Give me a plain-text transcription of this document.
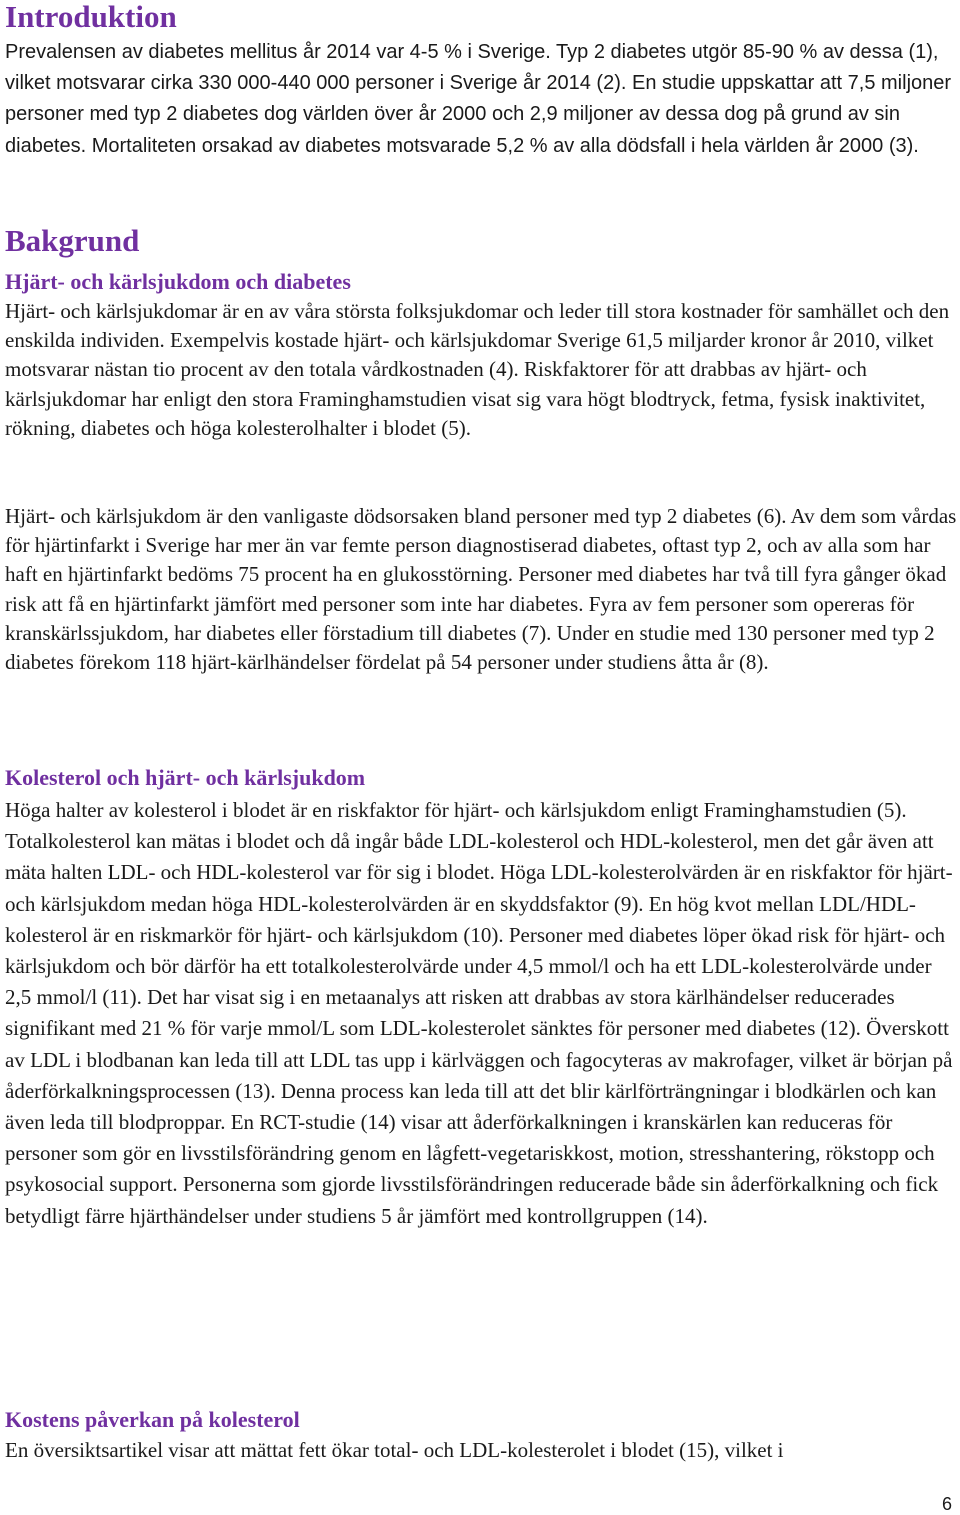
Introduktion

Prevalensen av diabetes mellitus år 2014 var 4-5 % i Sverige. Typ 2 diabetes utgör 85-90 % av dessa (1), vilket motsvarar cirka 330 000-440 000 personer i Sverige år 2014 (2). En studie uppskattar att 7,5 miljoner personer med typ 2 diabetes dog världen över år 2000 och 2,9 miljoner av dessa dog på grund av sin diabetes. Mortaliteten orsakad av diabetes motsvarade 5,2 % av alla dödsfall i hela världen år 2000 (3).

Bakgrund
Hjärt- och kärlsjukdom och diabetes

Hjärt- och kärlsjukdomar är en av våra största folksjukdomar och leder till stora kostnader för samhället och den enskilda individen. Exempelvis kostade hjärt- och kärlsjukdomar Sverige 61,5 miljarder kronor år 2010, vilket motsvarar nästan tio procent av den totala vårdkostnaden (4). Riskfaktorer för att drabbas av hjärt- och kärlsjukdomar har enligt den stora Framinghamstudien visat sig vara högt blodtryck, fetma, fysisk inaktivitet, rökning, diabetes och höga kolesterolhalter i blodet (5).

Hjärt- och kärlsjukdom är den vanligaste dödsorsaken bland personer med typ 2 diabetes (6). Av dem som vårdas för hjärtinfarkt i Sverige har mer än var femte person diagnostiserad diabetes, oftast typ 2, och av alla som har haft en hjärtinfarkt bedöms 75 procent ha en glukosstörning. Personer med diabetes har två till fyra gånger ökad risk att få en hjärtinfarkt jämfört med personer som inte har diabetes. Fyra av fem personer som opereras för kranskärlssjukdom, har diabetes eller förstadium till diabetes (7). Under en studie med 130 personer med typ 2 diabetes förekom 118 hjärt-kärlhändelser fördelat på 54 personer under studiens åtta år (8).

Kolesterol och hjärt- och kärlsjukdom

Höga halter av kolesterol i blodet är en riskfaktor för hjärt- och kärlsjukdom enligt Framinghamstudien (5). Totalkolesterol kan mätas i blodet och då ingår både LDL-kolesterol och HDL-kolesterol, men det går även att mäta halten LDL- och HDL-kolesterol var för sig i blodet. Höga LDL-kolesterolvärden är en riskfaktor för hjärt- och kärlsjukdom medan höga HDL-kolesterolvärden är en skyddsfaktor (9). En hög kvot mellan LDL/HDL-kolesterol är en riskmarkör för hjärt- och kärlsjukdom (10). Personer med diabetes löper ökad risk för hjärt- och kärlsjukdom och bör därför ha ett totalkolesterolvärde under 4,5 mmol/l och ha ett LDL-kolesterolvärde under 2,5 mmol/l (11). Det har visat sig i en metaanalys att risken att drabbas av stora kärlhändelser reducerades signifikant med 21 % för varje mmol/L som LDL-kolesterolet sänktes för personer med diabetes (12). Överskott av LDL i blodbanan kan leda till att LDL tas upp i kärlväggen och fagocyteras av makrofager, vilket är början på åderförkalkningsprocessen (13). Denna process kan leda till att det blir kärlförträngningar i blodkärlen och kan även leda till blodproppar. En RCT-studie (14) visar att åderförkalkningen i kranskärlen kan reduceras för personer som gör en livsstilsförändring genom en lågfett-vegetariskkost, motion, stresshantering, rökstopp och psykosocial support. Personerna som gjorde livsstilsförändringen reducerade både sin åderförkalkning och fick betydligt färre hjärthändelser under studiens 5 år jämfört med kontrollgruppen (14).

Kostens påverkan på kolesterol

En översiktsartikel visar att mättat fett ökar total- och LDL-kolesterolet i blodet (15), vilket i

6
